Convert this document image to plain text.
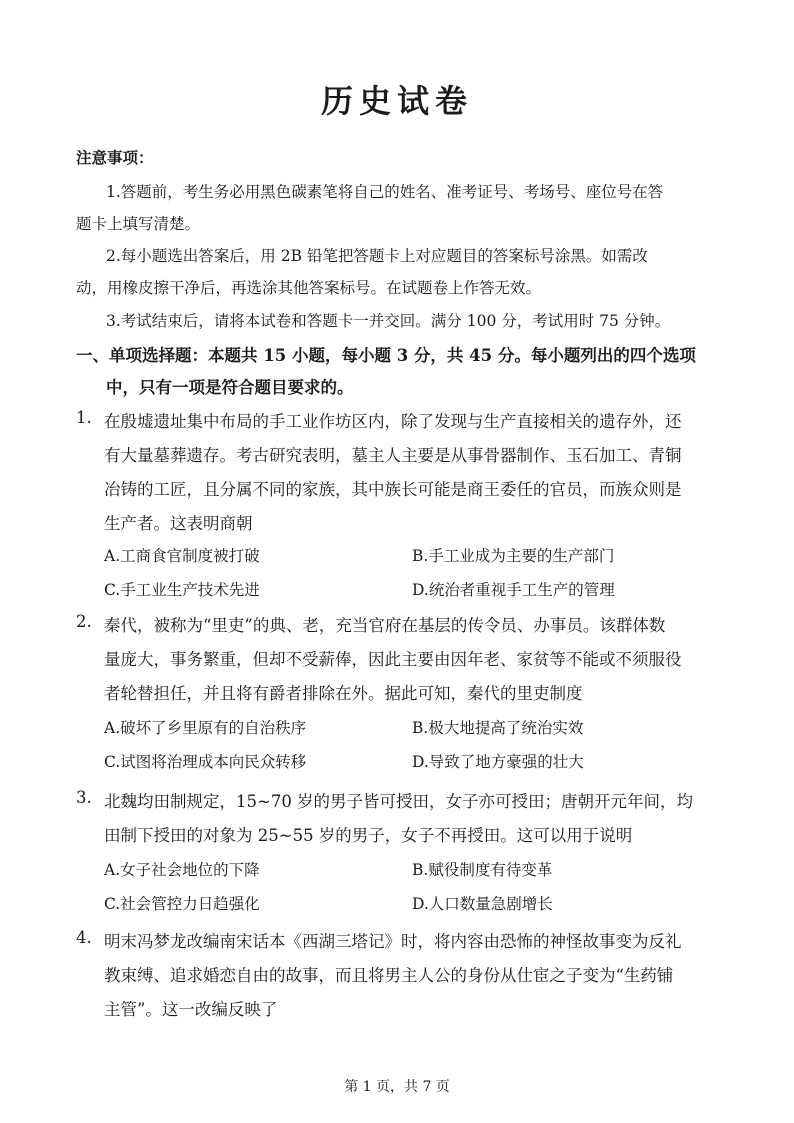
历史试卷
注意事项：
1.答题前，考生务必用黑色碳素笔将自己的姓名、准考证号、考场号、座位号在答
题卡上填写清楚。
2.每小题选出答案后，用 2B 铅笔把答题卡上对应题目的答案标号涂黑。如需改
动，用橡皮擦干净后，再选涂其他答案标号。在试题卷上作答无效。
3.考试结束后，请将本试卷和答题卡一并交回。满分 100 分，考试用时 75 分钟。
一、单项选择题：本题共 15 小题，每小题 3 分，共 45 分。每小题列出的四个选项
中，只有一项是符合题目要求的。
1. 在殷墟遗址集中布局的手工业作坊区内，除了发现与生产直接相关的遗存外，还
有大量墓葬遗存。考古研究表明，墓主人主要是从事骨器制作、玉石加工、青铜
冶铸的工匠，且分属不同的家族，其中族长可能是商王委任的官员，而族众则是
生产者。这表明商朝
A.工商食官制度被打破	B.手工业成为主要的生产部门
C.手工业生产技术先进	D.统治者重视手工生产的管理
2. 秦代，被称为“里吏”的典、老，充当官府在基层的传令员、办事员。该群体数
量庞大，事务繁重，但却不受薪俸，因此主要由因年老、家贫等不能或不须服役
者轮替担任，并且将有爵者排除在外。据此可知，秦代的里吏制度
A.破坏了乡里原有的自治秩序	B.极大地提高了统治实效
C.试图将治理成本向民众转移	D.导致了地方豪强的壮大
3. 北魏均田制规定，15~70 岁的男子皆可授田，女子亦可授田；唐朝开元年间，均
田制下授田的对象为 25~55 岁的男子，女子不再授田。这可以用于说明
A.女子社会地位的下降	B.赋役制度有待变革
C.社会管控力日趋强化	D.人口数量急剧增长
4. 明末冯梦龙改编南宋话本《西湖三塔记》时，将内容由恐怖的神怪故事变为反礼
教束缚、追求婚恋自由的故事，而且将男主人公的身份从仕宦之子变为“生药铺
主管”。这一改编反映了
第 1 页，共 7 页
